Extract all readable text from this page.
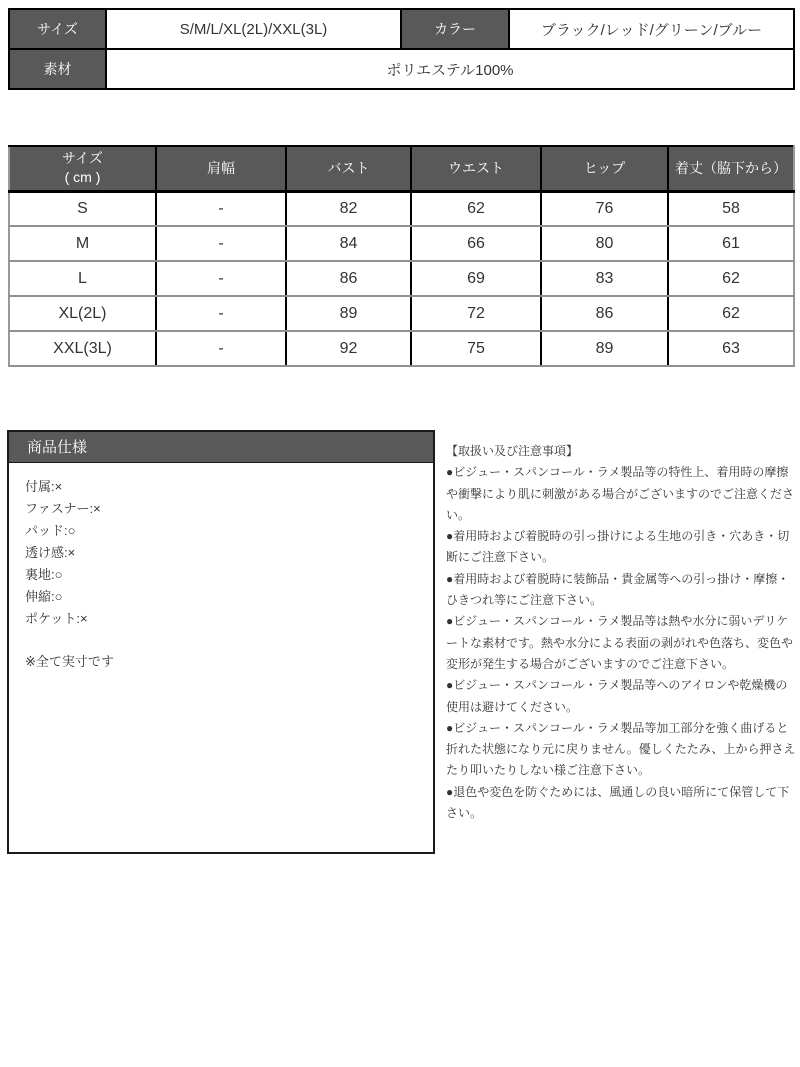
サイズ	S/M/L/XL(2L)/XXL(3L)	カラー	ブラック/レッド/グリーン/ブルー
素材	ポリエステル100%		
サイズ
( cm )	肩幅	バスト	ウエスト	ヒップ	着丈（脇下から）
S	-	82	62	76	58
M	-	84	66	80	61
L	-	86	69	83	62
XL(2L)	-	89	72	86	62
XXL(3L)	-	92	75	89	63
商品仕様
付属:×
ファスナー:×
パッド:○
透け感:×
裏地:○
伸縮:○
ポケット:×
※全て実寸です

【取扱い及び注意事項】

●ビジュー・スパンコール・ラメ製品等の特性上、着用時の摩擦や衝撃により肌に刺激がある場合がございますのでご注意ください。

●着用時および着脱時の引っ掛けによる生地の引き・穴あき・切断にご注意下さい。

●着用時および着脱時に装飾品・貴金属等への引っ掛け・摩擦・ひきつれ等にご注意下さい。

●ビジュー・スパンコール・ラメ製品等は熱や水分に弱いデリケートな素材です。熱や水分による表面の剥がれや色落ち、変色や変形が発生する場合がございますのでご注意下さい。

●ビジュー・スパンコール・ラメ製品等へのアイロンや乾燥機の使用は避けてください。

●ビジュー・スパンコール・ラメ製品等加工部分を強く曲げると折れた状態になり元に戻りません。優しくたたみ、上から押さえたり叩いたりしない様ご注意下さい。

●退色や変色を防ぐためには、風通しの良い暗所にて保管して下さい。
